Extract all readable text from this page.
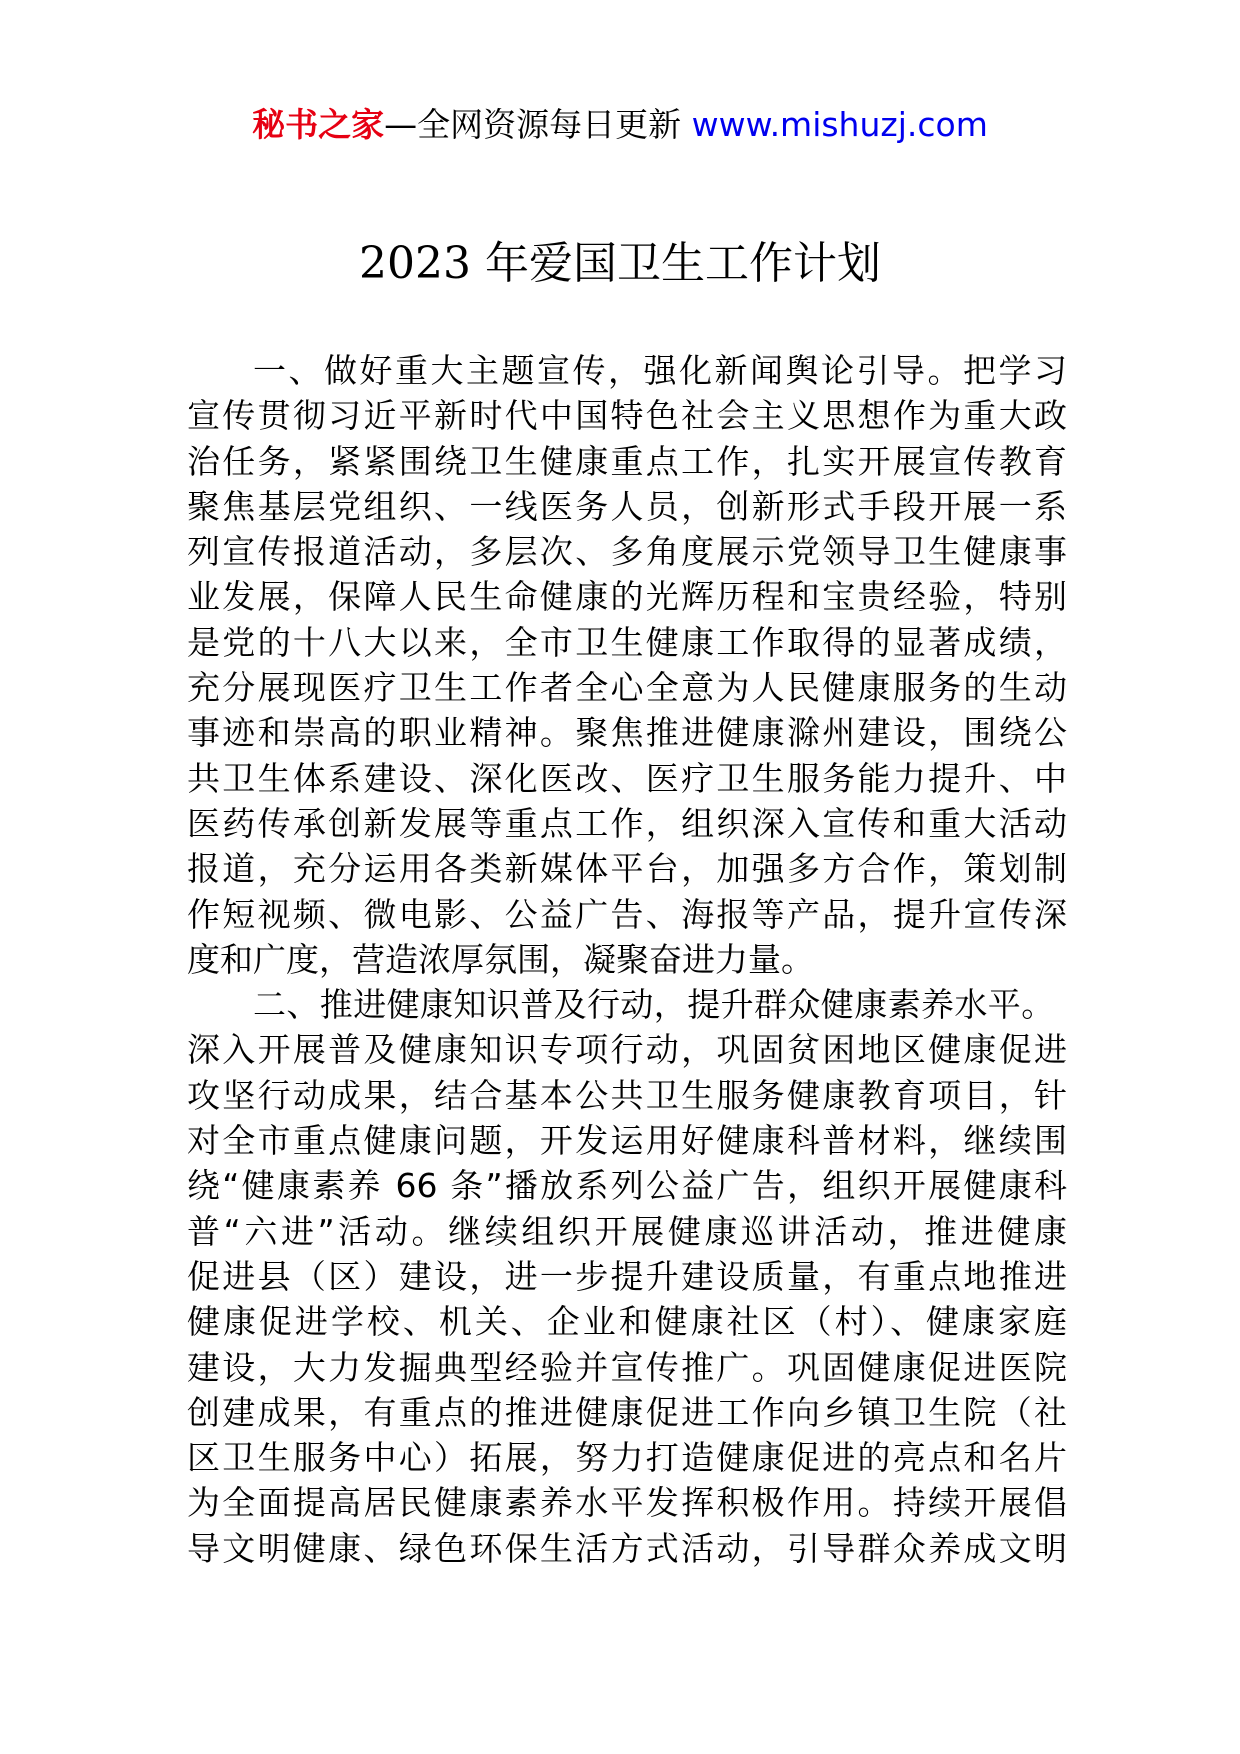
秘书之家—全网资源每日更新 www.mishuzj.com
2023 年爱国卫生工作计划
一、做好重大主题宣传，强化新闻舆论引导。把学习
宣传贯彻习近平新时代中国特色社会主义思想作为重大政
治任务，紧紧围绕卫生健康重点工作，扎实开展宣传教育
聚焦基层党组织、一线医务人员，创新形式手段开展一系
列宣传报道活动，多层次、多角度展示党领导卫生健康事
业发展，保障人民生命健康的光辉历程和宝贵经验，特别
是党的十八大以来，全市卫生健康工作取得的显著成绩，
充分展现医疗卫生工作者全心全意为人民健康服务的生动
事迹和崇高的职业精神。聚焦推进健康滁州建设，围绕公
共卫生体系建设、深化医改、医疗卫生服务能力提升、中
医药传承创新发展等重点工作，组织深入宣传和重大活动
报道，充分运用各类新媒体平台，加强多方合作，策划制
作短视频、微电影、公益广告、海报等产品，提升宣传深
度和广度，营造浓厚氛围，凝聚奋进力量。
二、推进健康知识普及行动，提升群众健康素养水平。
深入开展普及健康知识专项行动，巩固贫困地区健康促进
攻坚行动成果，结合基本公共卫生服务健康教育项目，针
对全市重点健康问题，开发运用好健康科普材料，继续围
绕“健康素养 66 条”播放系列公益广告，组织开展健康科
普“六进”活动。继续组织开展健康巡讲活动，推进健康
促进县（区）建设，进一步提升建设质量，有重点地推进
健康促进学校、机关、企业和健康社区（村）、健康家庭
建设，大力发掘典型经验并宣传推广。巩固健康促进医院
创建成果，有重点的推进健康促进工作向乡镇卫生院（社
区卫生服务中心）拓展，努力打造健康促进的亮点和名片
为全面提高居民健康素养水平发挥积极作用。持续开展倡
导文明健康、绿色环保生活方式活动，引导群众养成文明
